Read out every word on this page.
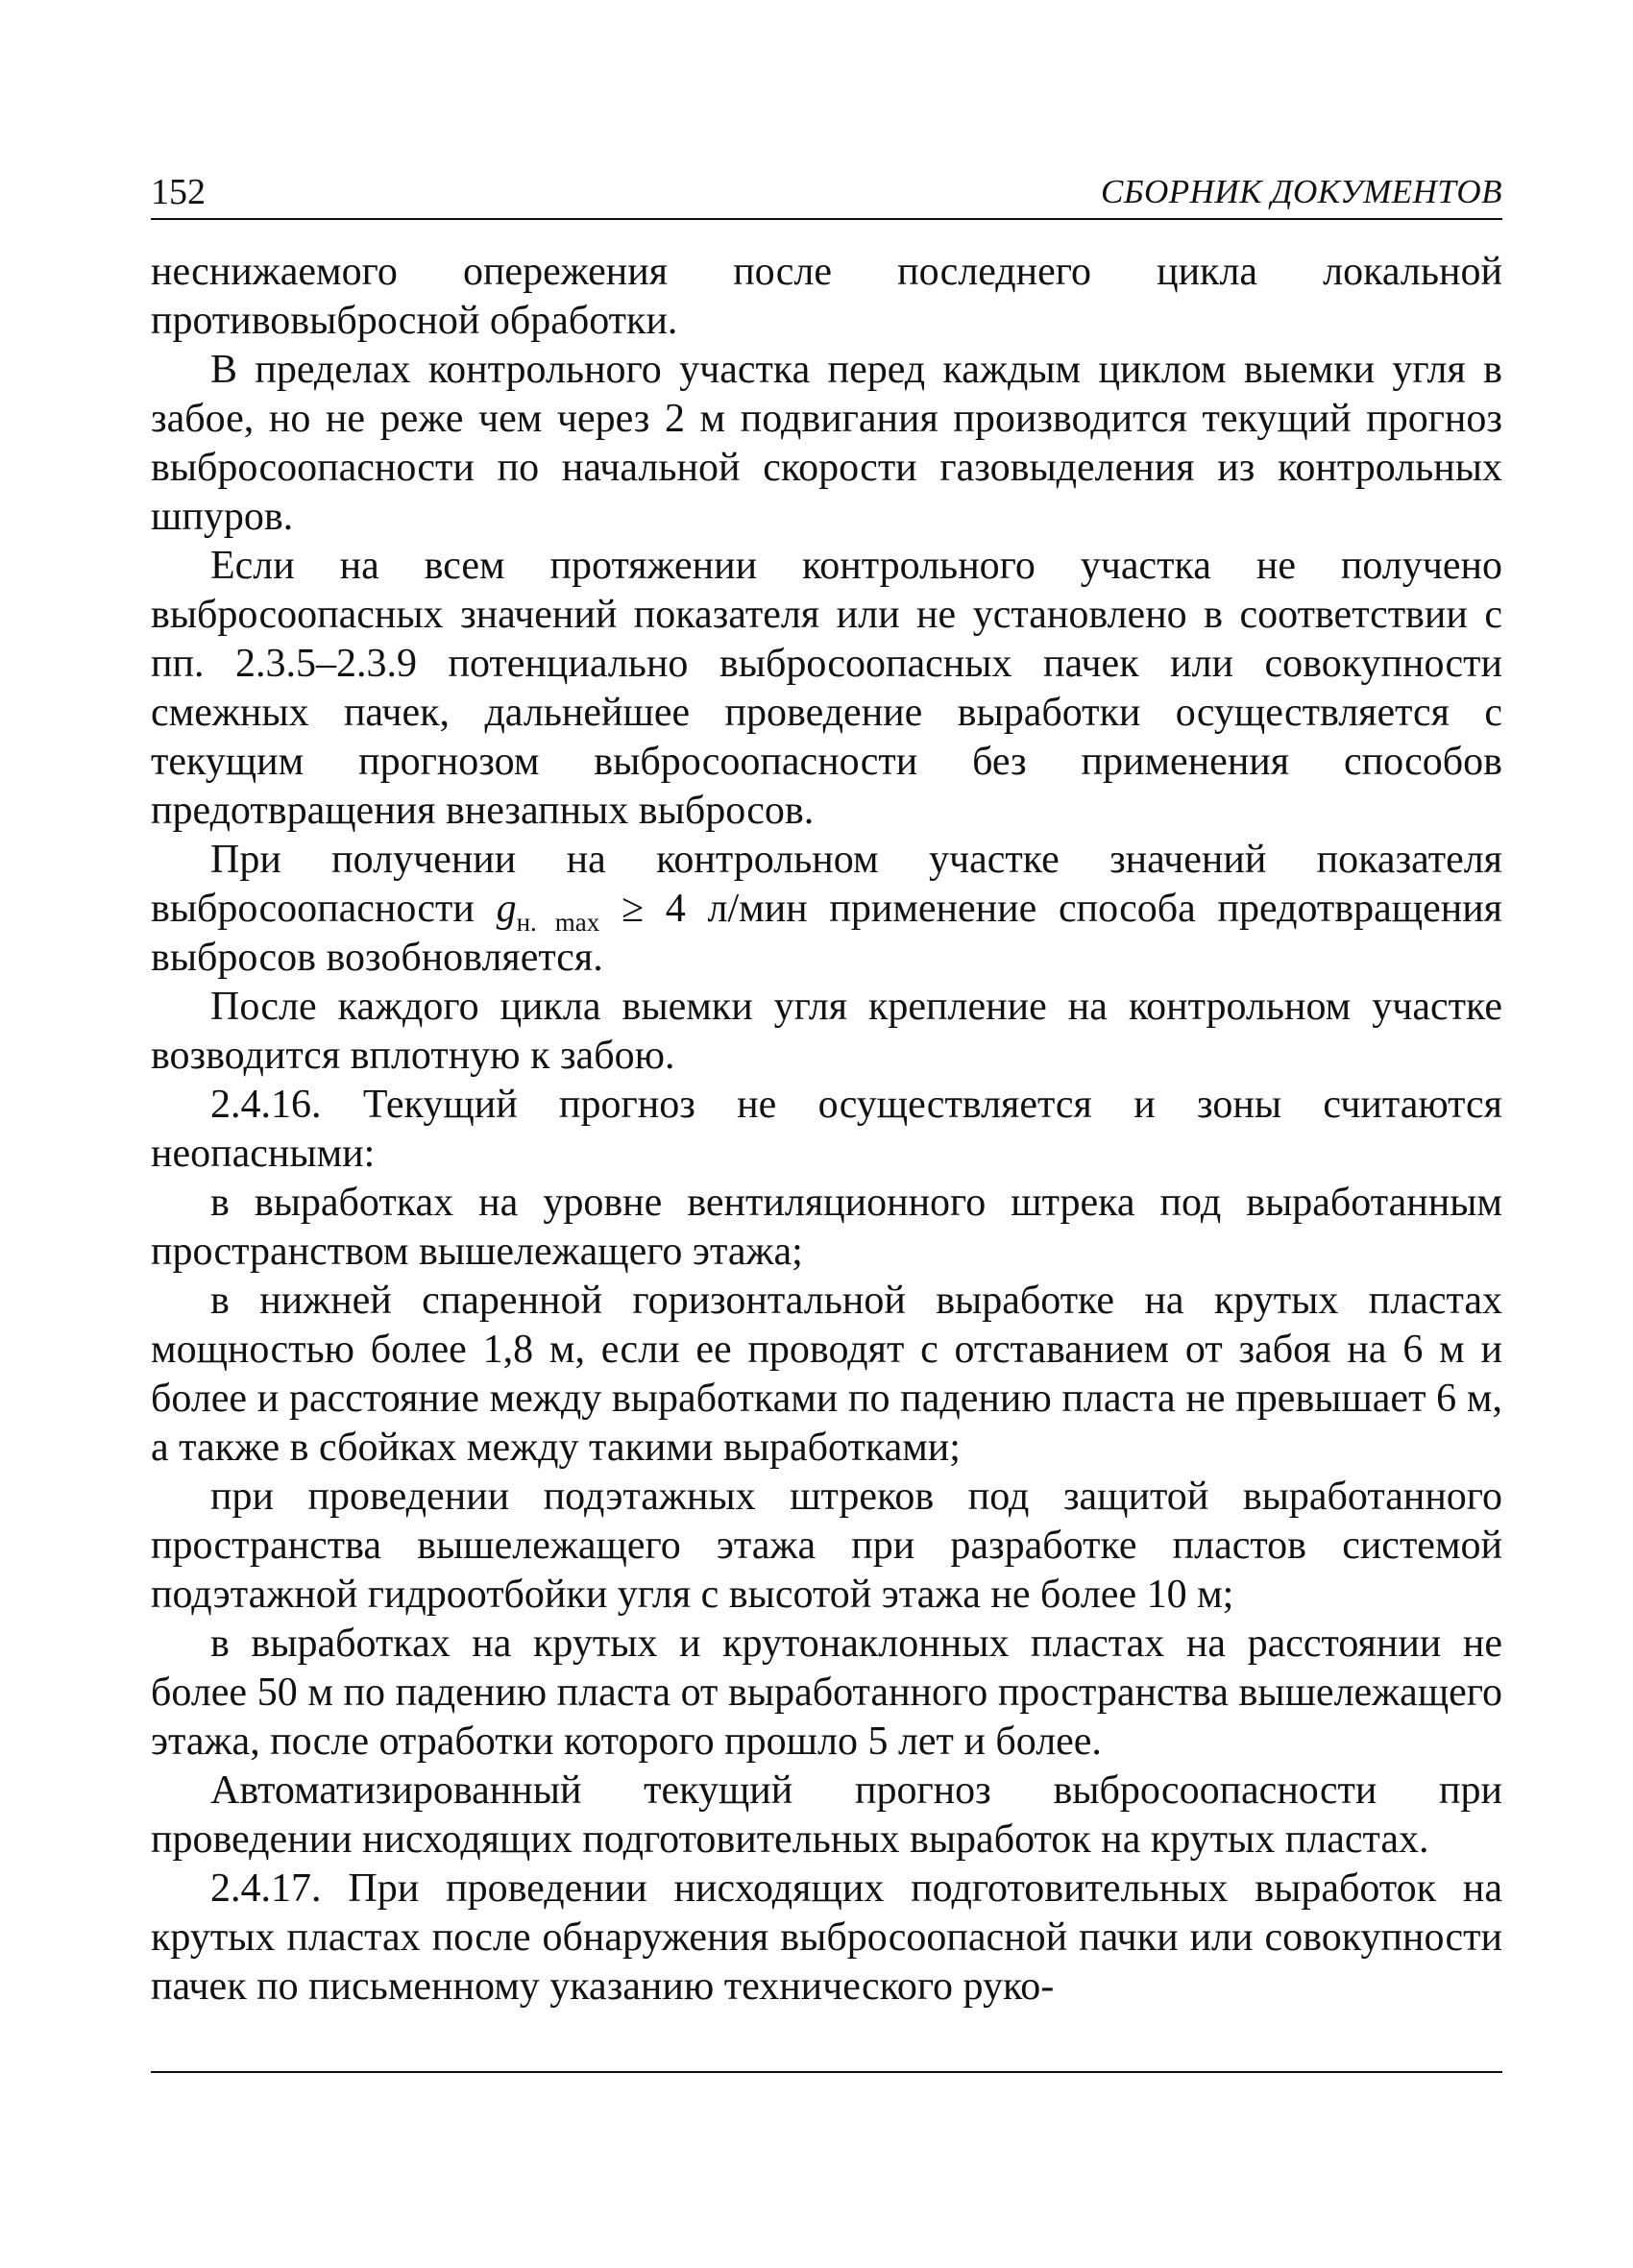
152	СБОРНИК ДОКУМЕНТОВ

неснижаемого опережения после последнего цикла локальной противовыбросной обработки.

В пределах контрольного участка перед каждым циклом выемки угля в забое, но не реже чем через 2 м подвигания производится текущий прогноз выбросоопасности по начальной скорости газовыделения из контрольных шпуров.

Если на всем протяжении контрольного участка не получено выбросоопасных значений показателя или не установлено в соответствии с пп. 2.3.5–2.3.9 потенциально выбросоопасных пачек или совокупности смежных пачек, дальнейшее проведение выработки осуществляется с текущим прогнозом выбросоопасности без применения способов предотвращения внезапных выбросов.

При получении на контрольном участке значений показателя выбросоопасности $g_{н. max} \ge 4$ л/мин применение способа предотвращения выбросов возобновляется.

После каждого цикла выемки угля крепление на контрольном участке возводится вплотную к забою.

2.4.16. Текущий прогноз не осуществляется и зоны считаются неопасными:

в выработках на уровне вентиляционного штрека под выработанным пространством вышележащего этажа;

в нижней спаренной горизонтальной выработке на крутых пластах мощностью более 1,8 м, если ее проводят с отставанием от забоя на 6 м и более и расстояние между выработками по падению пласта не превышает 6 м, а также в сбойках между такими выработками;

при проведении подэтажных штреков под защитой выработанного пространства вышележащего этажа при разработке пластов системой подэтажной гидроотбойки угля с высотой этажа не более 10 м;

в выработках на крутых и крутонаклонных пластах на расстоянии не более 50 м по падению пласта от выработанного пространства вышележащего этажа, после отработки которого прошло 5 лет и более.

Автоматизированный текущий прогноз выбросоопасности при проведении нисходящих подготовительных выработок на крутых пластах.

2.4.17. При проведении нисходящих подготовительных выработок на крутых пластах после обнаружения выбросоопасной пачки или совокупности пачек по письменному указанию технического руко-
